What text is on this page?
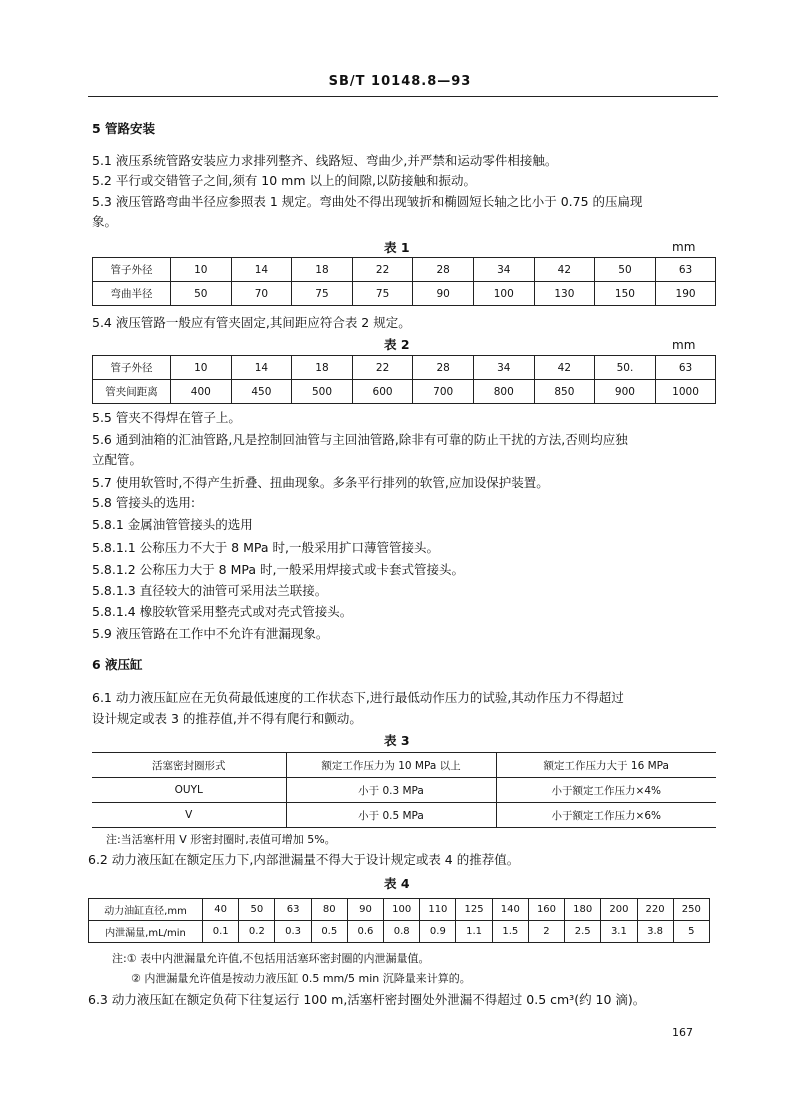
SB/T 10148.8—93
5 管路安装
5.1 液压系统管路安装应力求排列整齐、线路短、弯曲少,并严禁和运动零件相接触。
5.2 平行或交错管子之间,须有 10 mm 以上的间隙,以防接触和振动。
5.3 液压管路弯曲半径应参照表 1 规定。弯曲处不得出现皱折和椭圆短长轴之比小于 0.75 的压扁现
象。
表 1	mm
管子外径	10	14	18	22	28	34	42	50	63
弯曲半径	50	70	75	75	90	100	130	150	190
5.4 液压管路一般应有管夹固定,其间距应符合表 2 规定。
表 2	mm
管子外径	10	14	18	22	28	34	42	50.	63
管夹间距离	400	450	500	600	700	800	850	900	1000
5.5 管夹不得焊在管子上。
5.6 通到油箱的汇油管路,凡是控制回油管与主回油管路,除非有可靠的防止干扰的方法,否则均应独
立配管。
5.7 使用软管时,不得产生折叠、扭曲现象。多条平行排列的软管,应加设保护装置。
5.8 管接头的选用:
5.8.1 金属油管管接头的选用
5.8.1.1 公称压力不大于 8 MPa 时,一般采用扩口薄管管接头。
5.8.1.2 公称压力大于 8 MPa 时,一般采用焊接式或卡套式管接头。
5.8.1.3 直径较大的油管可采用法兰联接。
5.8.1.4 橡胶软管采用整壳式或对壳式管接头。
5.9 液压管路在工作中不允许有泄漏现象。
6 液压缸
6.1 动力液压缸应在无负荷最低速度的工作状态下,进行最低动作压力的试验,其动作压力不得超过
设计规定或表 3 的推荐值,并不得有爬行和颤动。
表 3
活塞密封圈形式	额定工作压力为 10 MPa 以上	额定工作压力大于 16 MPa
OUYL	小于 0.3 MPa	小于额定工作压力×4%
V	小于 0.5 MPa	小于额定工作压力×6%
注:当活塞杆用 V 形密封圈时,表值可增加 5%。
6.2 动力液压缸在额定压力下,内部泄漏量不得大于设计规定或表 4 的推荐值。
表 4
动力油缸直径,mm	40	50	63	80	90	100	110	125	140	160	180	200	220	250
内泄漏量,mL/min	0.1	0.2	0.3	0.5	0.6	0.8	0.9	1.1	1.5	2	2.5	3.1	3.8	5
注:① 表中内泄漏量允许值,不包括用活塞环密封圈的内泄漏量值。
② 内泄漏量允许值是按动力液压缸 0.5 mm/5 min 沉降量来计算的。
6.3 动力液压缸在额定负荷下往复运行 100 m,活塞杆密封圈处外泄漏不得超过 0.5 cm³(约 10 滴)。
167
